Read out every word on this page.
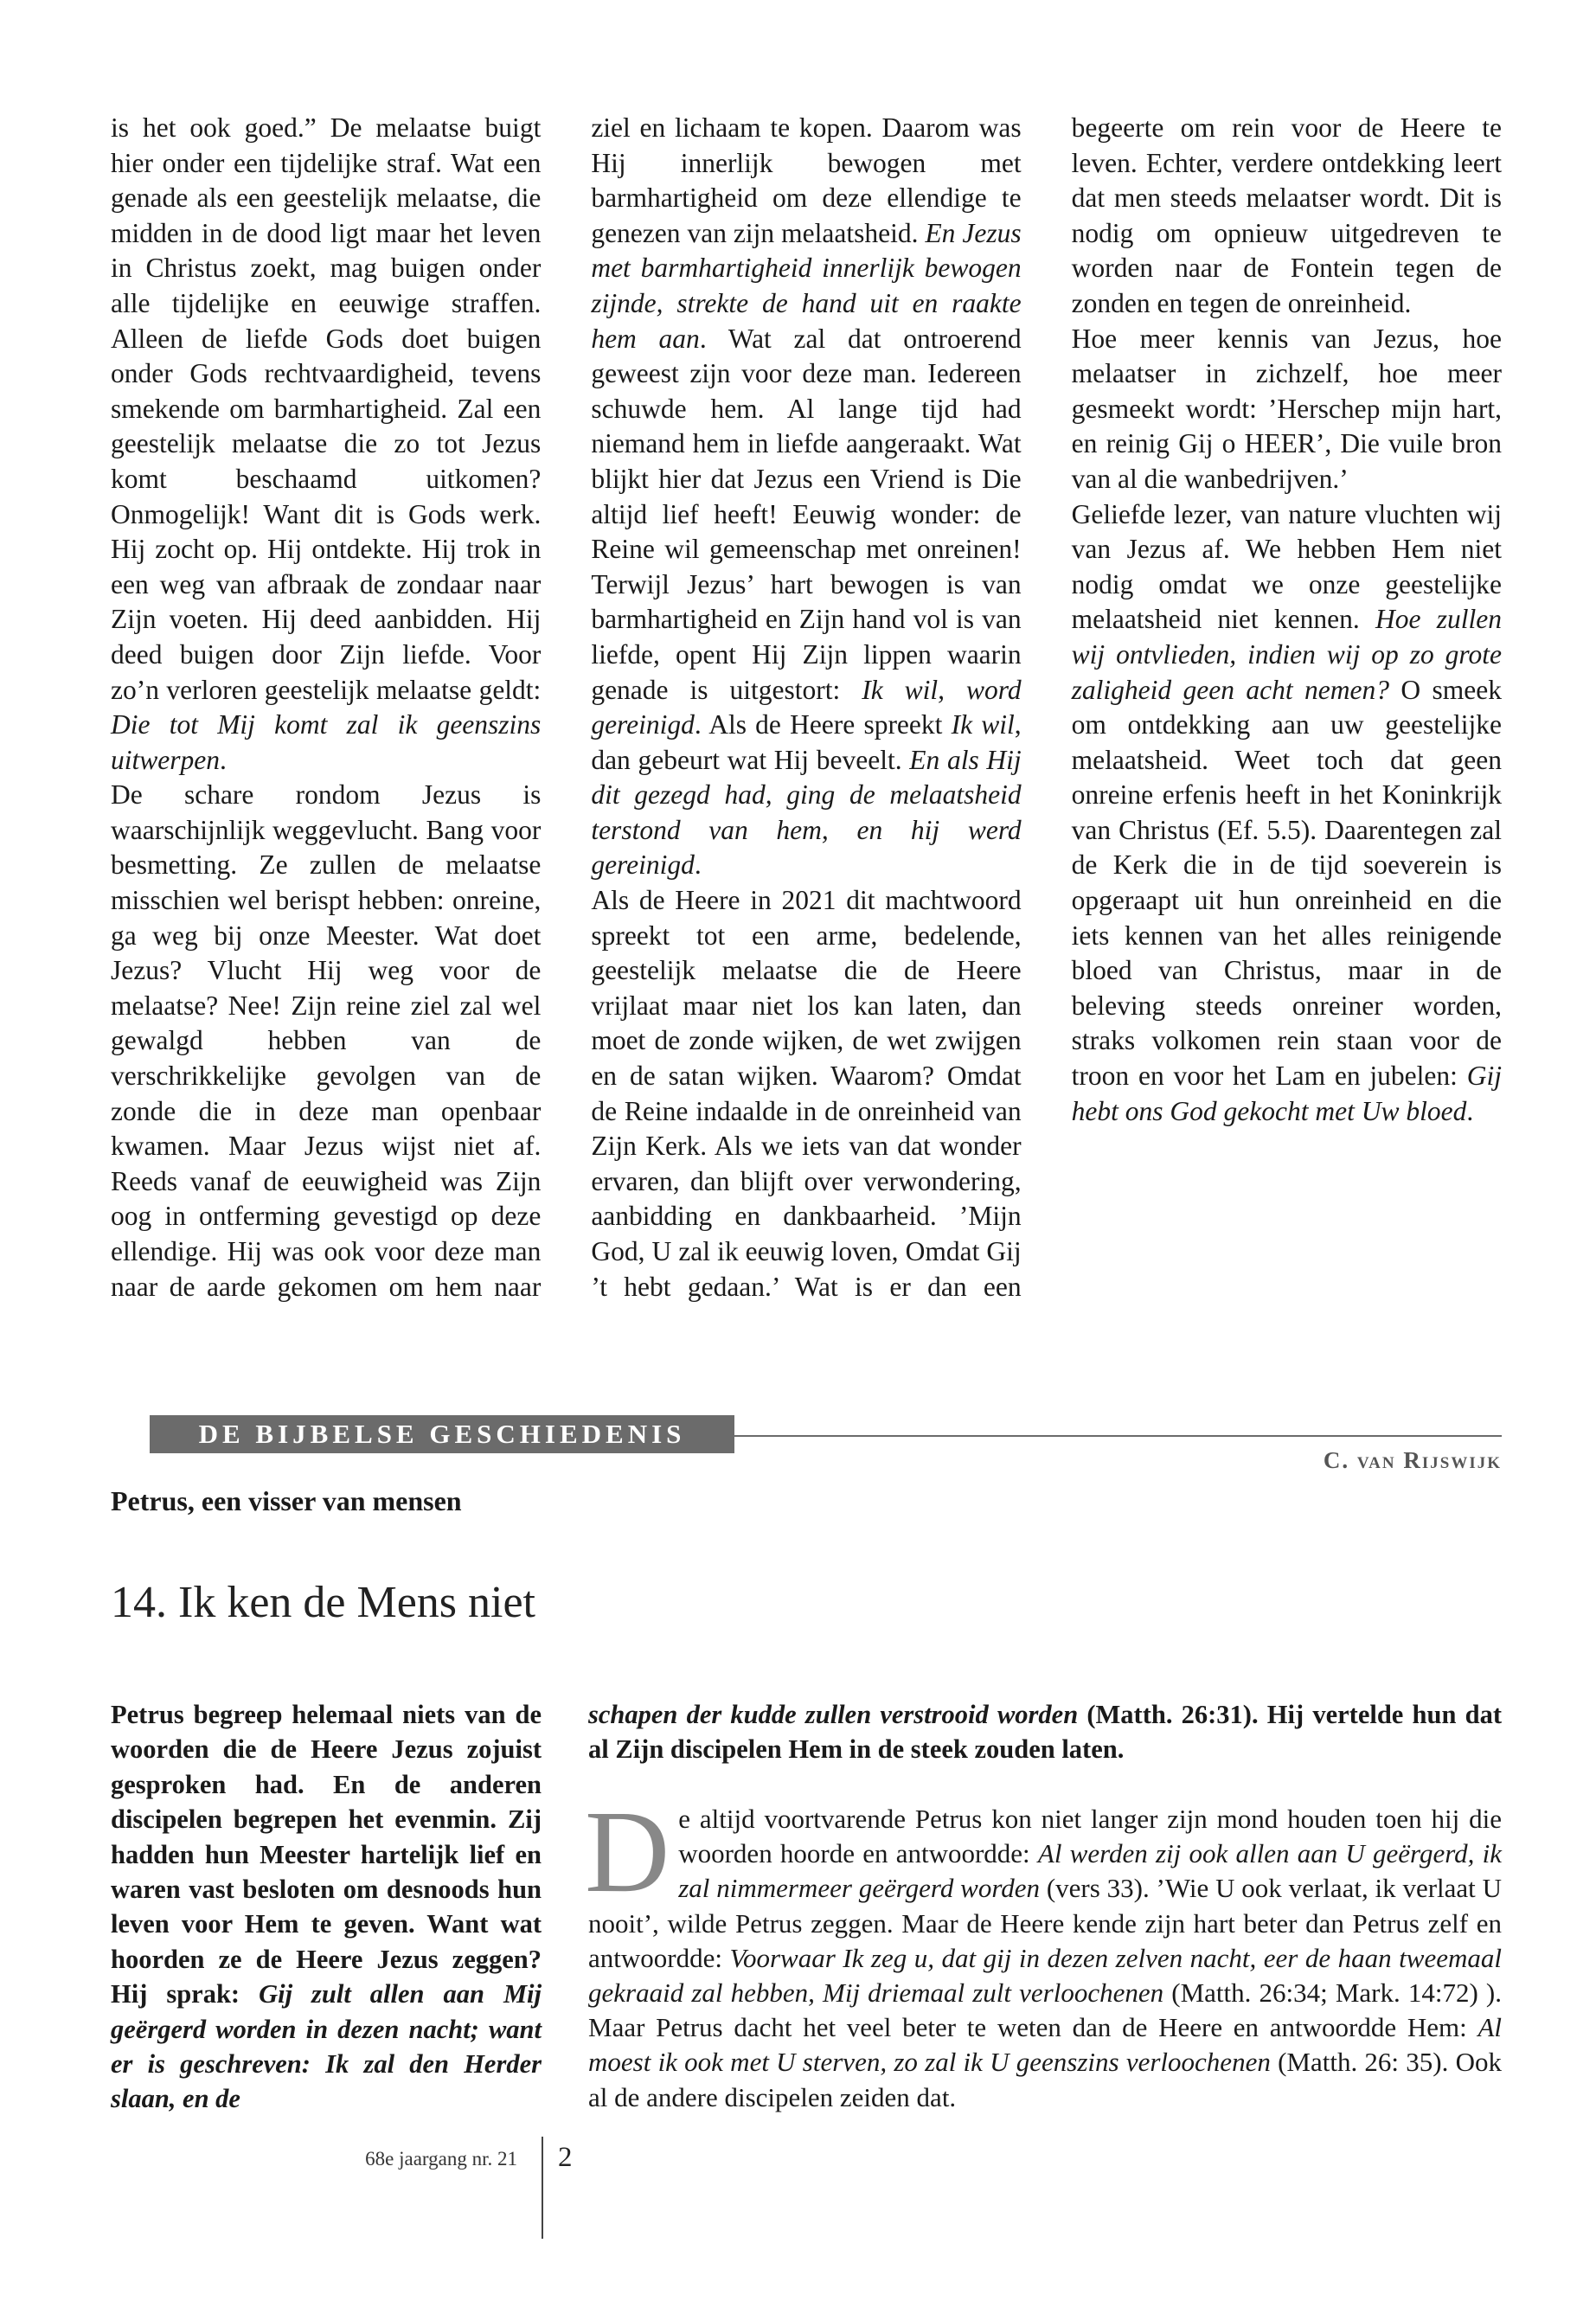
is het ook goed.” De melaatse buigt hier onder een tijdelijke straf. Wat een genade als een geestelijk melaatse, die midden in de dood ligt maar het leven in Christus zoekt, mag buigen onder alle tijdelijke en eeuwige straffen. Alleen de liefde Gods doet buigen onder Gods rechtvaardigheid, tevens smekende om barmhartigheid. Zal een geestelijk melaatse die zo tot Jezus komt beschaamd uitkomen? Onmogelijk! Want dit is Gods werk. Hij zocht op. Hij ontdekte. Hij trok in een weg van afbraak de zondaar naar Zijn voeten. Hij deed aanbidden. Hij deed buigen door Zijn liefde. Voor zo’n verloren geestelijk melaatse geldt: Die tot Mij komt zal ik geenszins uitwerpen.

De schare rondom Jezus is waarschijnlijk weggevlucht. Bang voor besmetting. Ze zullen de melaatse misschien wel berispt hebben: onreine, ga weg bij onze Meester. Wat doet Jezus? Vlucht Hij weg voor de melaatse? Nee! Zijn reine ziel zal wel gewalgd hebben van de verschrikkelijke gevolgen van de zonde die in deze man openbaar kwamen. Maar Jezus wijst niet af. Reeds vanaf de eeuwigheid was Zijn oog in ontferming gevestigd op deze ellendige. Hij was ook voor deze man naar de aarde gekomen om hem naar ziel en lichaam te kopen. Daarom was Hij innerlijk bewogen met barmhartigheid om deze ellendige te genezen van zijn melaatsheid. En Jezus met barmhartigheid innerlijk bewogen zijnde, strekte de hand uit en raakte hem aan. Wat zal dat ontroerend geweest zijn voor deze man. Iedereen schuwde hem. Al lange tijd had niemand hem in liefde aangeraakt. Wat blijkt hier dat Jezus een Vriend is Die altijd lief heeft! Eeuwig wonder: de Reine wil gemeenschap met onreinen! Terwijl Jezus’ hart bewogen is van barmhartigheid en Zijn hand vol is van liefde, opent Hij Zijn lippen waarin genade is uitgestort: Ik wil, word gereinigd. Als de Heere spreekt Ik wil, dan gebeurt wat Hij beveelt. En als Hij dit gezegd had, ging de melaatsheid terstond van hem, en hij werd gereinigd.

Als de Heere in 2021 dit machtwoord spreekt tot een arme, bedelende, geestelijk melaatse die de Heere vrijlaat maar niet los kan laten, dan moet de zonde wijken, de wet zwijgen en de satan wijken. Waarom? Omdat de Reine indaalde in de onreinheid van Zijn Kerk. Als we iets van dat wonder ervaren, dan blijft over verwondering, aanbidding en dankbaarheid. ’Mijn God, U zal ik eeuwig loven, Omdat Gij ’t hebt gedaan.’ Wat is er dan een begeerte om rein voor de Heere te leven. Echter, verdere ontdekking leert dat men steeds melaatser wordt. Dit is nodig om opnieuw uitgedreven te worden naar de Fontein tegen de zonden en tegen de onreinheid.

Hoe meer kennis van Jezus, hoe melaatser in zichzelf, hoe meer gesmeekt wordt: ’Herschep mijn hart, en reinig Gij o HEER’, Die vuile bron van al die wanbedrijven.’

Geliefde lezer, van nature vluchten wij van Jezus af. We hebben Hem niet nodig omdat we onze geestelijke melaatsheid niet kennen. Hoe zullen wij ontvlieden, indien wij op zo grote zaligheid geen acht nemen? O smeek om ontdekking aan uw geestelijke melaatsheid. Weet toch dat geen onreine erfenis heeft in het Koninkrijk van Christus (Ef. 5.5). Daarentegen zal de Kerk die in de tijd soeverein is opgeraapt uit hun onreinheid en die iets kennen van het alles reinigende bloed van Christus, maar in de beleving steeds onreiner worden, straks volkomen rein staan voor de troon en voor het Lam en jubelen: Gij hebt ons God gekocht met Uw bloed.

DE BIJBELSE GESCHIEDENIS
C. van Rijswijk
Petrus, een visser van mensen
14. Ik ken de Mens niet
Petrus begreep helemaal niets van de woorden die de Heere Jezus zojuist gesproken had. En de anderen discipelen begrepen het evenmin. Zij hadden hun Meester hartelijk lief en waren vast besloten om desnoods hun leven voor Hem te geven. Want wat hoorden ze de Heere Jezus zeggen? Hij sprak: Gij zult allen aan Mij geërgerd worden in dezen nacht; want er is geschreven: Ik zal den Herder slaan, en de
schapen der kudde zullen verstrooid worden (Matth. 26:31). Hij vertelde hun dat al Zijn discipelen Hem in de steek zouden laten.
De altijd voortvarende Petrus kon niet langer zijn mond houden toen hij die woorden hoorde en antwoordde: Al werden zij ook allen aan U geërgerd, ik zal nimmermeer geërgerd worden (vers 33). ’Wie U ook verlaat, ik verlaat U nooit’, wilde Petrus zeggen. Maar de Heere kende zijn hart beter dan Petrus zelf en antwoordde: Voorwaar Ik zeg u, dat gij in dezen zelven nacht, eer de haan tweemaal gekraaid zal hebben, Mij driemaal zult verloochenen (Matth. 26:34; Mark. 14:72) ). Maar Petrus dacht het veel beter te weten dan de Heere en antwoordde Hem: Al moest ik ook met U sterven, zo zal ik U geenszins verloochenen (Matth. 26: 35). Ook al de andere discipelen zeiden dat.
68e jaargang nr. 21 2
